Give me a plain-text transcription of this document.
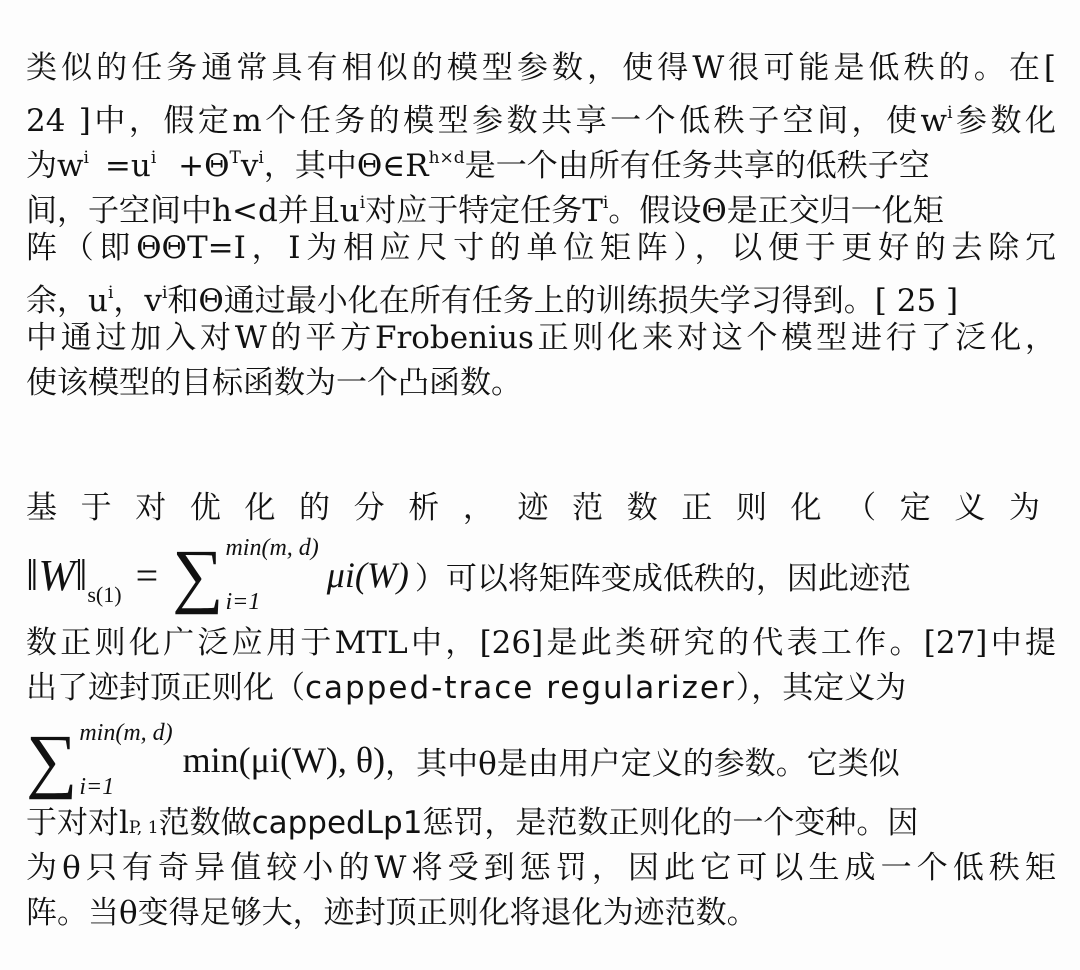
类似的任务通常具有相似的模型参数，使得W很可能是低秩的。在[
24 ]中，假定m个任务的模型参数共享一个低秩子空间，使$w^i$参数化
为$w^i =u^i +\Theta^Tv^i$，其中$\Theta\in R^{h\times d}$是一个由所有任务共享的低秩子空
间，子空间中h<d并且$u^i$对应于特定任务$T^i$。假设Θ是正交归一化矩
阵（即ΘΘT=I，I为相应尺寸的单位矩阵），以便于更好的去除冗
余，$u^i$，$v^i$和Θ通过最小化在所有任务上的训练损失学习得到。[ 25 ]
中通过加入对W的平方Frobenius正则化来对这个模型进行了泛化，
使该模型的目标函数为一个凸函数。
基于对优化的分析，迹范数正则化（定义为
‖W‖ s(1) = ∑ min(m, d)
i=1
μi(W) ）可以将矩阵变成低秩的，因此迹范
数正则化广泛应用于MTL中，[26]是此类研究的代表工作。[27]中提
出了迹封顶正则化（capped-trace regularizer），其定义为
∑ min(m, d)
i=1
min(μi(W), θ) ，其中θ是由用户定义的参数。它类似
于对对lP, 1范数做cappedLp1惩罚，是范数正则化的一个变种。因
为θ只有奇异值较小的W将受到惩罚，因此它可以生成一个低秩矩
阵。当θ变得足够大，迹封顶正则化将退化为迹范数。
